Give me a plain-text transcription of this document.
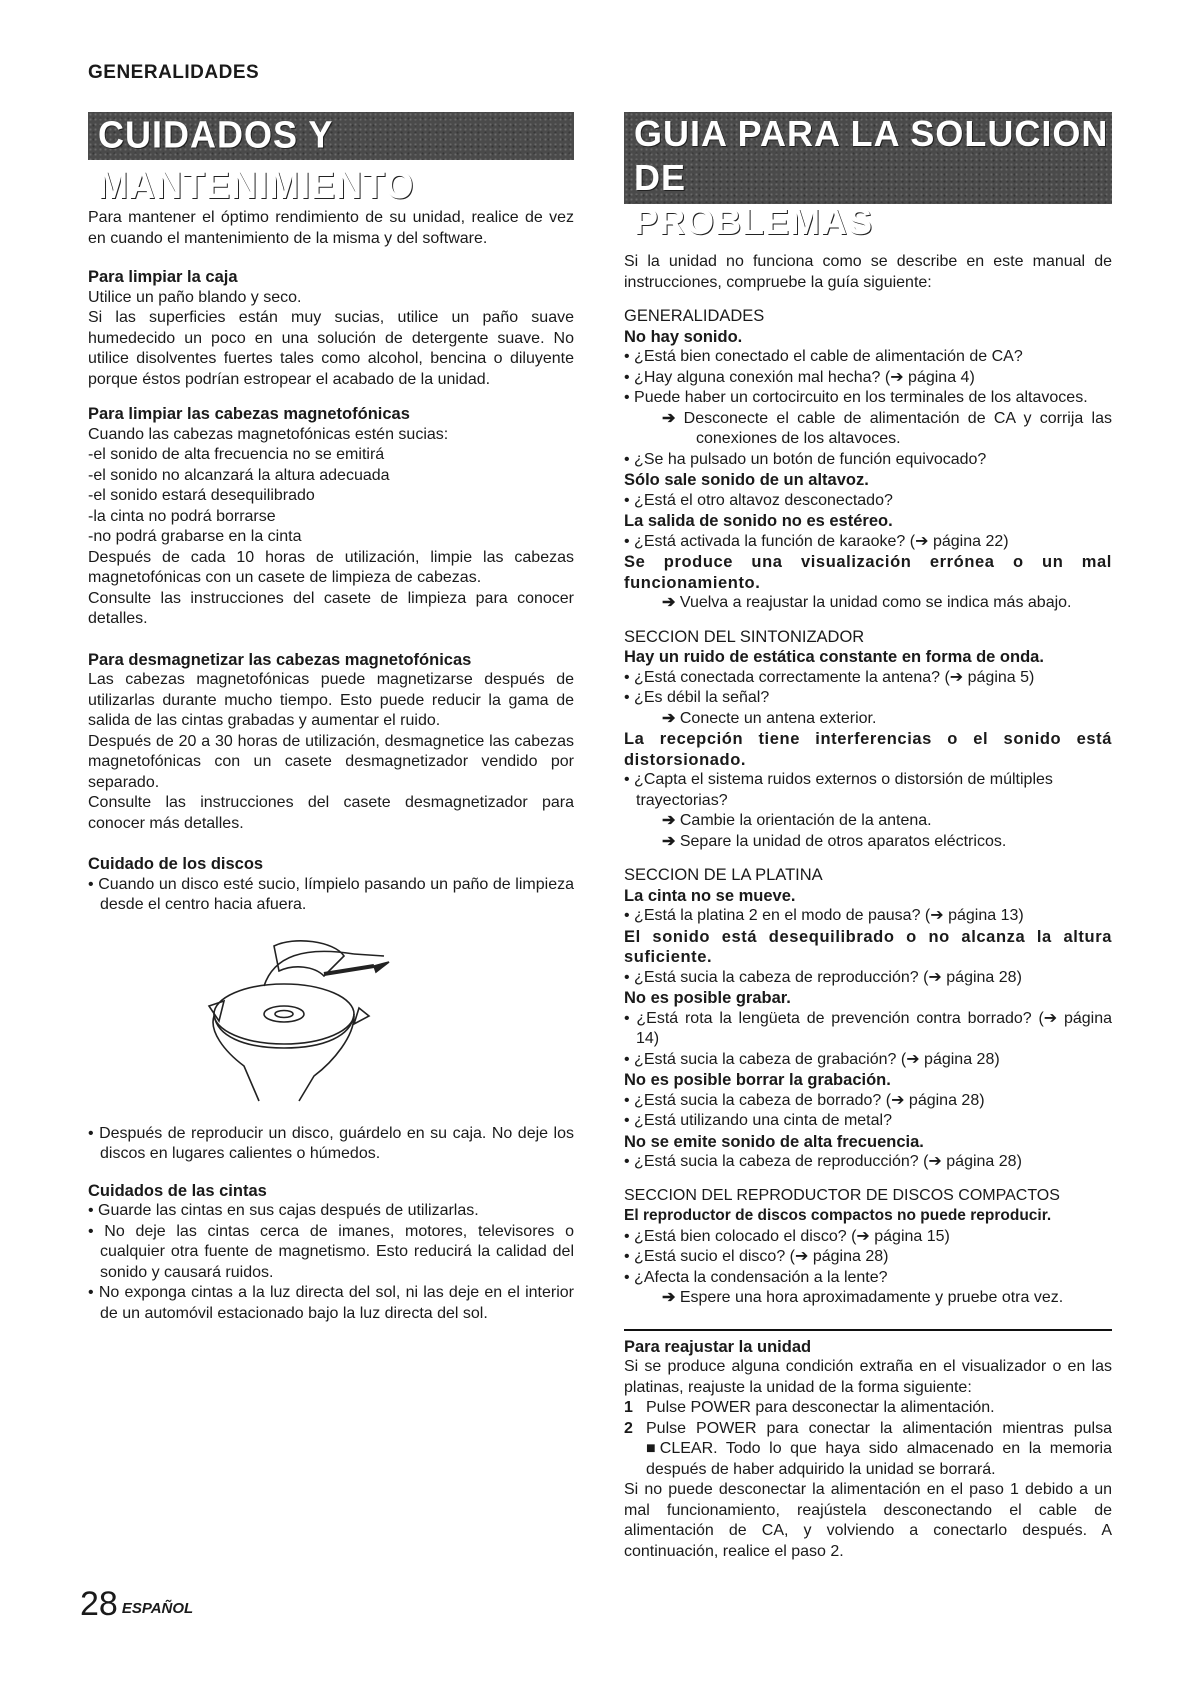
GENERALIDADES
CUIDADOS Y MANTENIMIENTO
GUIA PARA LA SOLUCION DE
PROBLEMAS

Para mantener el óptimo rendimiento de su unidad, realice de vez en cuando el mantenimiento de la misma y del software.

Para limpiar la caja

Utilice un paño blando y seco.

Si las superficies están muy sucias, utilice un paño suave humedecido un poco en una solución de detergente suave. No utilice disolventes fuertes tales como alcohol, bencina o diluyente porque éstos podrían estropear el acabado de la unidad.

Para limpiar las cabezas magnetofónicas

Cuando las cabezas magnetofónicas estén sucias:

-el sonido de alta frecuencia no se emitirá

-el sonido no alcanzará la altura adecuada

-el sonido estará desequilibrado

-la cinta no podrá borrarse

-no podrá grabarse en la cinta

Después de cada 10 horas de utilización, limpie las cabezas magnetofónicas con un casete de limpieza de cabezas.

Consulte las instrucciones del casete de limpieza para conocer detalles.

Para desmagnetizar las cabezas magnetofónicas

Las cabezas magnetofónicas puede magnetizarse después de utilizarlas durante mucho tiempo. Esto puede reducir la gama de salida de las cintas grabadas y aumentar el ruido.

Después de 20 a 30 horas de utilización, desmagnetice las cabezas magnetofónicas con un casete desmagnetizador vendido por separado.

Consulte las instrucciones del casete desmagnetizador para conocer más detalles.

Cuidado de los discos

• Cuando un disco esté sucio, límpielo pasando un paño de limpieza desde el centro hacia afuera.

• Después de reproducir un disco, guárdelo en su caja. No deje los discos en lugares calientes o húmedos.

Cuidados de las cintas

• Guarde las cintas en sus cajas después de utilizarlas.

• No deje las cintas cerca de imanes, motores, televisores o cualquier otra fuente de magnetismo. Esto reducirá la calidad del sonido y causará ruidos.

• No exponga cintas a la luz directa del sol, ni las deje en el interior de un automóvil estacionado bajo la luz directa del sol.

Si la unidad no funciona como se describe en este manual de instrucciones, compruebe la guía siguiente:

GENERALIDADES

No hay sonido.

• ¿Está bien conectado el cable de alimentación de CA?

• ¿Hay alguna conexión mal hecha? (➔ página 4)

• Puede haber un cortocircuito en los terminales de los altavoces.

➔ Desconecte el cable de alimentación de CA y corrija las conexiones de los altavoces.

• ¿Se ha pulsado un botón de función equivocado?

Sólo sale sonido de un altavoz.

• ¿Está el otro altavoz desconectado?

La salida de sonido no es estéreo.

• ¿Está activada la función de karaoke? (➔ página 22)

Se produce una visualización errónea o un mal funcionamiento.

➔ Vuelva a reajustar la unidad como se indica más abajo.

SECCION DEL SINTONIZADOR

Hay un ruido de estática constante en forma de onda.

• ¿Está conectada correctamente la antena? (➔ página 5)

• ¿Es débil la señal?

➔ Conecte un antena exterior.

La recepción tiene interferencias o el sonido está distorsionado.

• ¿Capta el sistema ruidos externos o distorsión de múltiples trayectorias?

➔ Cambie la orientación de la antena.

➔ Separe la unidad de otros aparatos eléctricos.

SECCION DE LA PLATINA

La cinta no se mueve.

• ¿Está la platina 2 en el modo de pausa? (➔ página 13)

El sonido está desequilibrado o no alcanza la altura suficiente.

• ¿Está sucia la cabeza de reproducción? (➔ página 28)

No es posible grabar.

• ¿Está rota la lengüeta de prevención contra borrado? (➔ página 14)

• ¿Está sucia la cabeza de grabación? (➔ página 28)

No es posible borrar la grabación.

• ¿Está sucia la cabeza de borrado? (➔ página 28)

• ¿Está utilizando una cinta de metal?

No se emite sonido de alta frecuencia.

• ¿Está sucia la cabeza de reproducción? (➔ página 28)

SECCION DEL REPRODUCTOR DE DISCOS COMPACTOS

El reproductor de discos compactos no puede reproducir.

• ¿Está bien colocado el disco? (➔ página 15)

• ¿Está sucio el disco? (➔ página 28)

• ¿Afecta la condensación a la lente?

➔ Espere una hora aproximadamente y pruebe otra vez.

Para reajustar la unidad

Si se produce alguna condición extraña en el visualizador o en las platinas, reajuste la unidad de la forma siguiente:

1 Pulse POWER para desconectar la alimentación.

2 Pulse POWER para conectar la alimentación mientras pulsa ■CLEAR. Todo lo que haya sido almacenado en la memoria después de haber adquirido la unidad se borrará.

Si no puede desconectar la alimentación en el paso 1 debido a un mal funcionamiento, reajústela desconectando el cable de alimentación de CA, y volviendo a conectarlo después. A continuación, realice el paso 2.

28 ESPAÑOL
